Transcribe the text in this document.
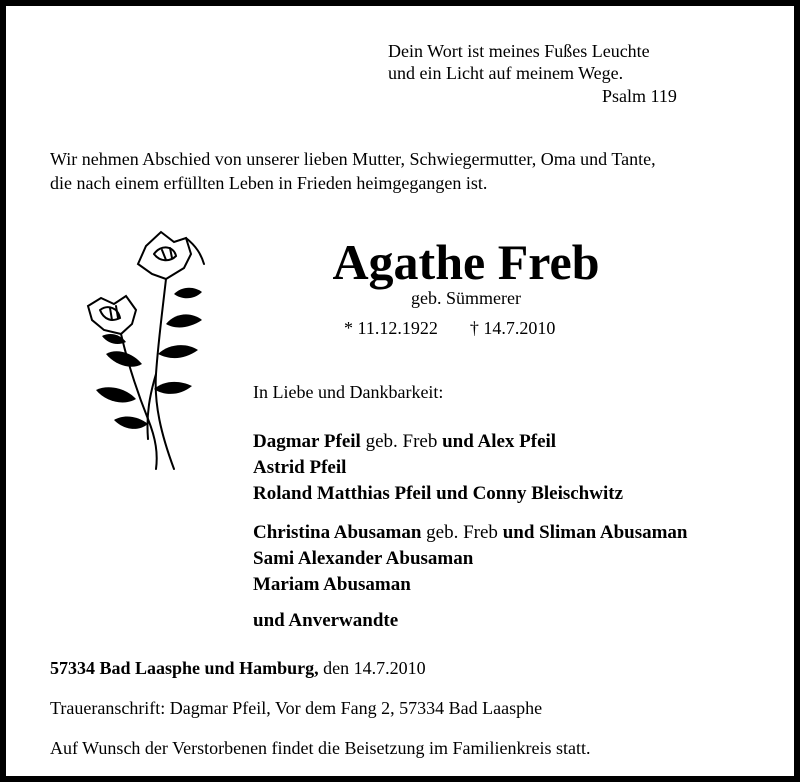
Dein Wort ist meines Fußes Leuchte
und ein Licht auf meinem Wege.
Psalm 119
Wir nehmen Abschied von unserer lieben Mutter, Schwiegermutter, Oma und Tante,
die nach einem erfüllten Leben in Frieden heimgegangen ist.
Agathe Freb
geb. Sümmerer
* 11.12.1922 † 14.7.2010
In Liebe und Dankbarkeit:
Dagmar Pfeil geb. Freb und Alex Pfeil
Astrid Pfeil
Roland Matthias Pfeil und Conny Bleischwitz
Christina Abusaman geb. Freb und Sliman Abusaman
Sami Alexander Abusaman
Mariam Abusaman
und Anverwandte
57334 Bad Laasphe und Hamburg, den 14.7.2010
Traueranschrift: Dagmar Pfeil, Vor dem Fang 2, 57334 Bad Laasphe
Auf Wunsch der Verstorbenen findet die Beisetzung im Familienkreis statt.
